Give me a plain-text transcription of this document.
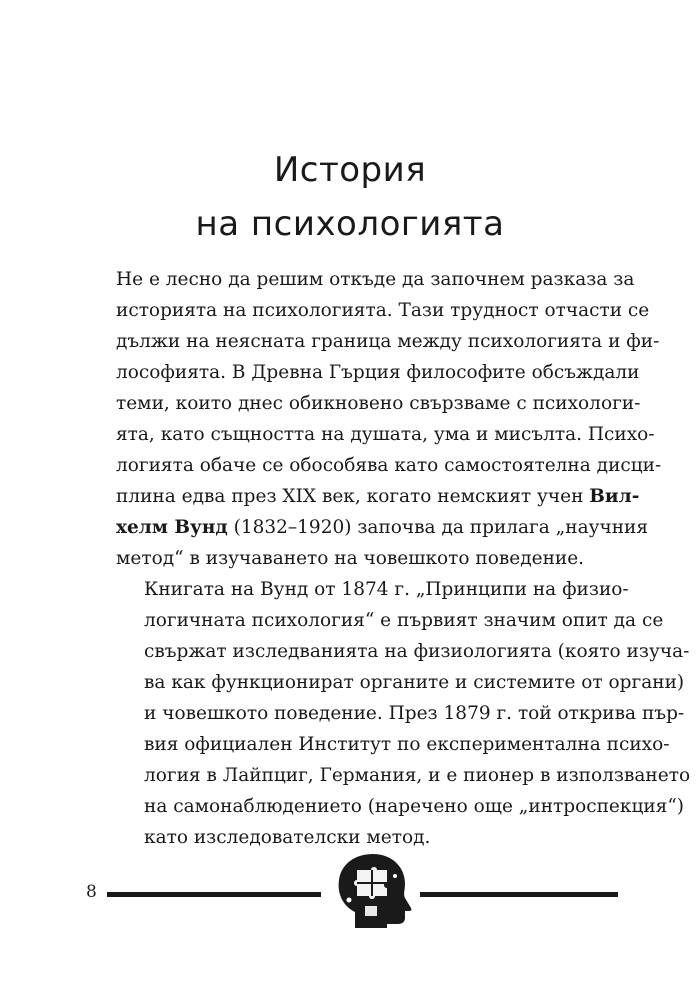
История
на психологията

Не е лесно да решим откъде да започнем разказа за
историята на психологията. Тази трудност отчасти се
дължи на неясната граница между психологията и фи-
лософията. В Древна Гърция философите обсъждали
теми, които днес обикновено свързваме с психологи-
ята, като същността на душата, ума и мисълта. Психо-
логията обаче се обособява като самостоятелна дисци-
плина едва през XIX век, когато немският учен Вил-
хелм Вунд (1832–1920) започва да прилага „научния
метод“ в изучаването на човешкото поведение.

Книгата на Вунд от 1874 г. „Принципи на физио-
логичната психология“ е първият значим опит да се
свържат изследванията на физиологията (която изуча-
ва как функционират органите и системите от органи)
и човешкото поведение. През 1879 г. той открива пър-
вия официален Институт по експериментална психо-
логия в Лайпциг, Германия, и е пионер в използването
на самонаблюдението (наречено още „интроспекция“)
като изследователски метод.

8
